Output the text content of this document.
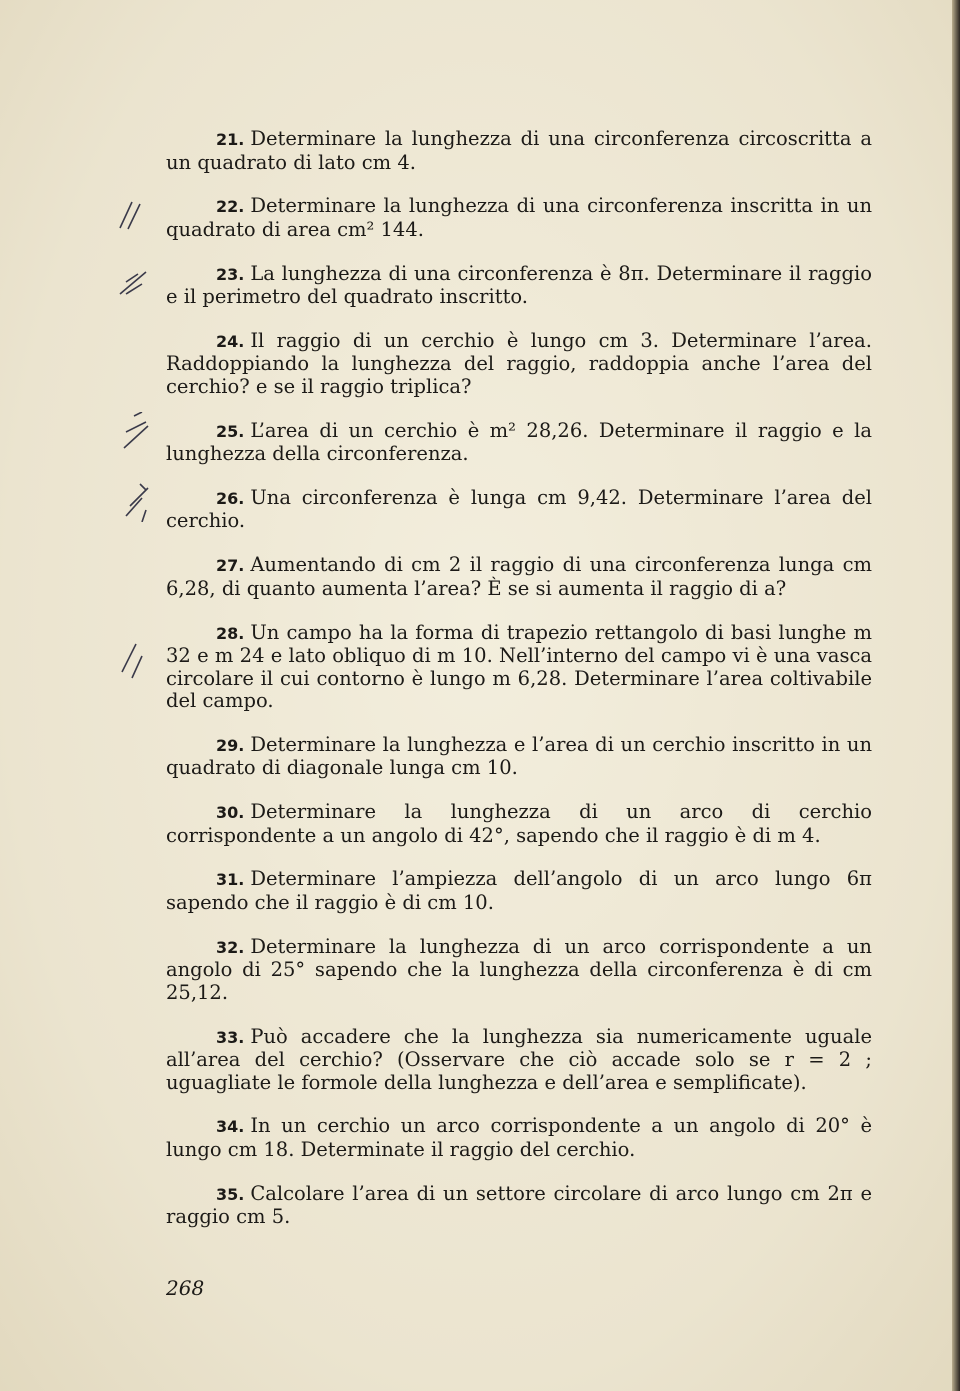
21. Determinare la lunghezza di una circonferenza circoscritta a un quadrato di lato cm 4.

22. Determinare la lunghezza di una circonferenza inscritta in un quadrato di area cm² 144.

23. La lunghezza di una circonferenza è 8π. Determinare il raggio e il perimetro del quadrato inscritto.

24. Il raggio di un cerchio è lungo cm 3. Determinare l’area. Raddoppiando la lunghezza del raggio, raddoppia anche l’area del cerchio? e se il raggio triplica?

25. L’area di un cerchio è m² 28,26. Determinare il raggio e la lunghezza della circonferenza.

26. Una circonferenza è lunga cm 9,42. Determinare l’area del cerchio.

27. Aumentando di cm 2 il raggio di una circonferenza lunga cm 6,28, di quanto aumenta l’area? È se si aumenta il raggio di a?

28. Un campo ha la forma di trapezio rettangolo di basi lunghe m 32 e m 24 e lato obliquo di m 10. Nell’interno del campo vi è una vasca circolare il cui contorno è lungo m 6,28. Determinare l’area coltivabile del campo.

29. Determinare la lunghezza e l’area di un cerchio inscritto in un quadrato di diagonale lunga cm 10.

30. Determinare la lunghezza di un arco di cerchio corrispondente a un angolo di 42°, sapendo che il raggio è di m 4.

31. Determinare l’ampiezza dell’angolo di un arco lungo 6π sapendo che il raggio è di cm 10.

32. Determinare la lunghezza di un arco corrispondente a un angolo di 25° sapendo che la lunghezza della circonferenza è di cm 25,12.

33. Può accadere che la lunghezza sia numericamente uguale all’area del cerchio? (Osservare che ciò accade solo se r = 2 ; uguagliate le formole della lunghezza e dell’area e semplificate).

34. In un cerchio un arco corrispondente a un angolo di 20° è lungo cm 18. Determinate il raggio del cerchio.

35. Calcolare l’area di un settore circolare di arco lungo cm 2π e raggio cm 5.

268
